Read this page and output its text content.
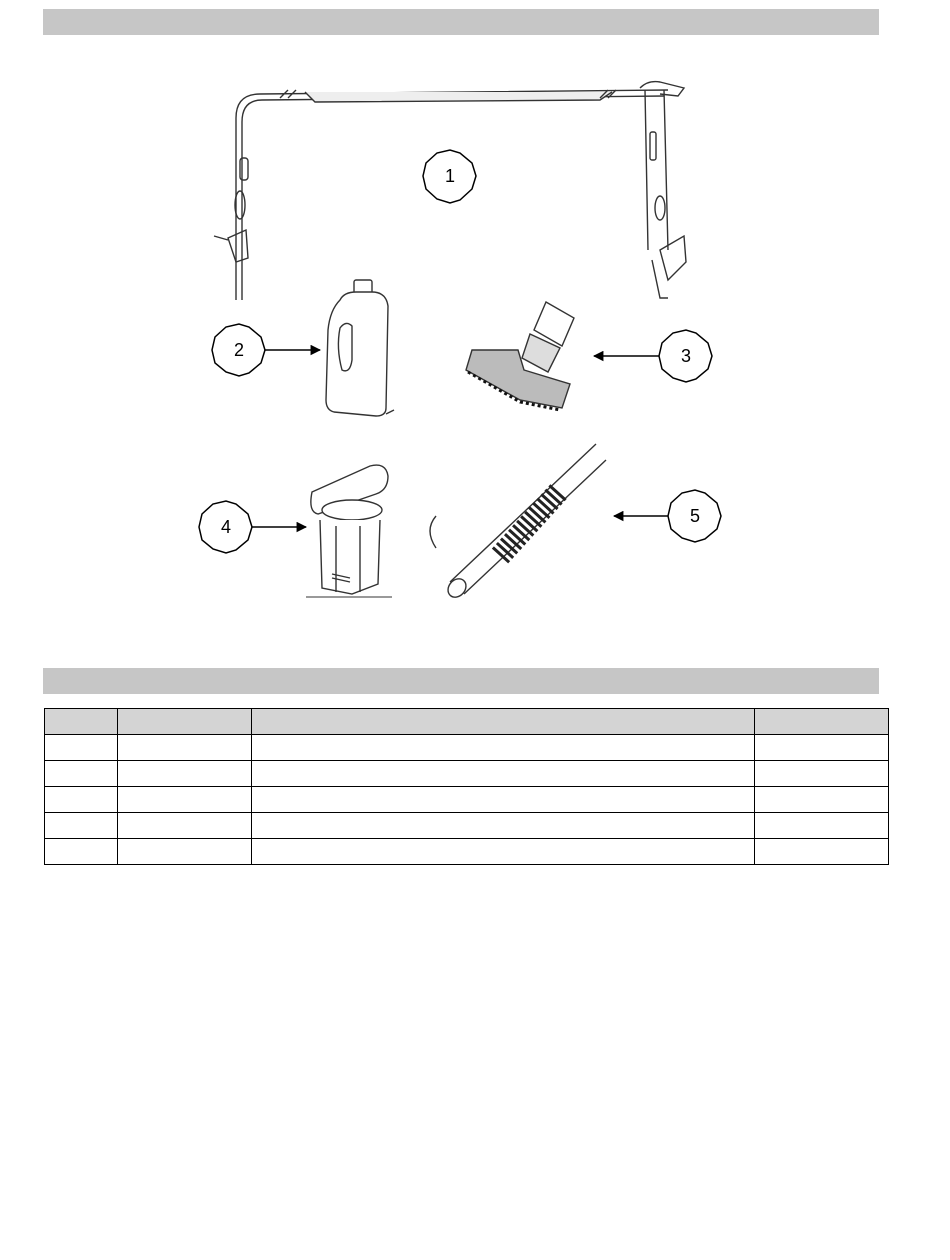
1
2	3
4
5
